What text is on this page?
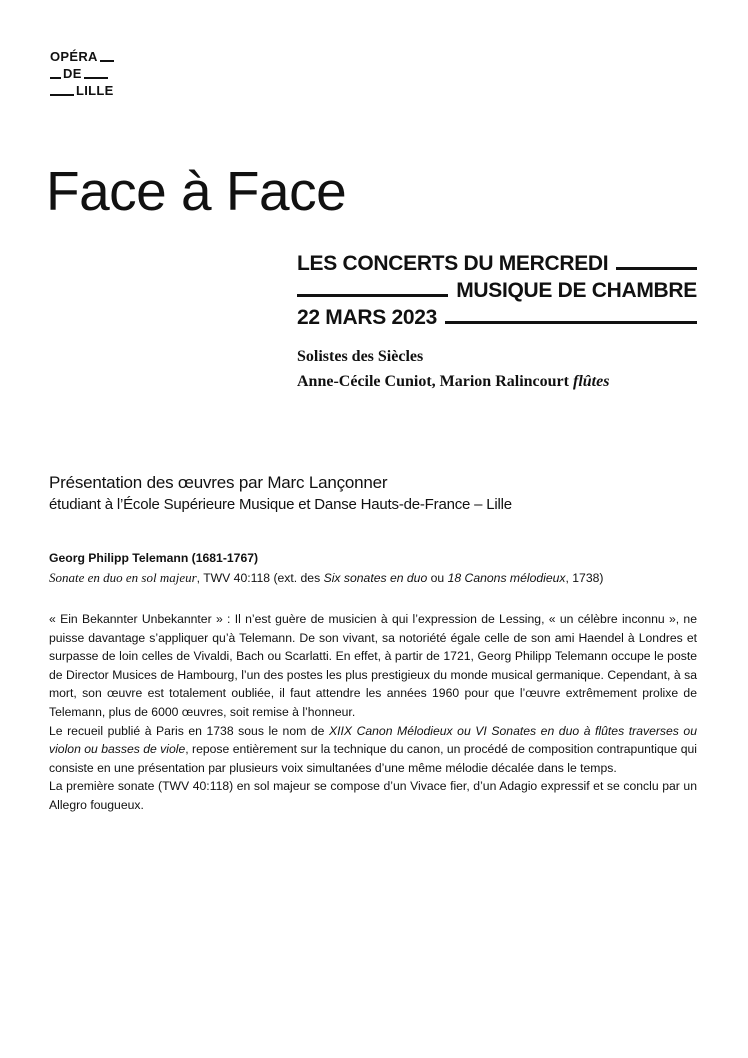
OPÉRA
DE
LILLE
Face à Face
LES CONCERTS DU MERCREDI
MUSIQUE DE CHAMBRE
22 MARS 2023
Solistes des Siècles
Anne-Cécile Cuniot, Marion Ralincourt flûtes
Présentation des œuvres par Marc Lançonner
étudiant à l’École Supérieure Musique et Danse Hauts-de-France – Lille
Georg Philipp Telemann (1681-1767)
Sonate en duo en sol majeur, TWV 40:118 (ext. des Six sonates en duo ou 18 Canons mélodieux, 1738)

« Ein Bekannter Unbekannter » : Il n’est guère de musicien à qui l’expression de Lessing, « un célèbre inconnu », ne puisse davantage s’appliquer qu’à Telemann. De son vivant, sa notoriété égale celle de son ami Haendel à Londres et surpasse de loin celles de Vivaldi, Bach ou Scarlatti. En effet, à partir de 1721, Georg Philipp Telemann occupe le poste de Director Musices de Hambourg, l’un des postes les plus prestigieux du monde musical germanique. Cependant, à sa mort, son œuvre est totalement oubliée, il faut attendre les années 1960 pour que l’œuvre extrêmement prolixe de Telemann, plus de 6000 œuvres, soit remise à l’honneur.

Le recueil publié à Paris en 1738 sous le nom de XIIX Canon Mélodieux ou VI Sonates en duo à flûtes traverses ou violon ou basses de viole, repose entièrement sur la technique du canon, un procédé de composition contrapuntique qui consiste en une présentation par plusieurs voix simultanées d’une même mélodie décalée dans le temps.

La première sonate (TWV 40:118) en sol majeur se compose d’un Vivace fier, d’un Adagio expressif et se conclu par un Allegro fougueux.
